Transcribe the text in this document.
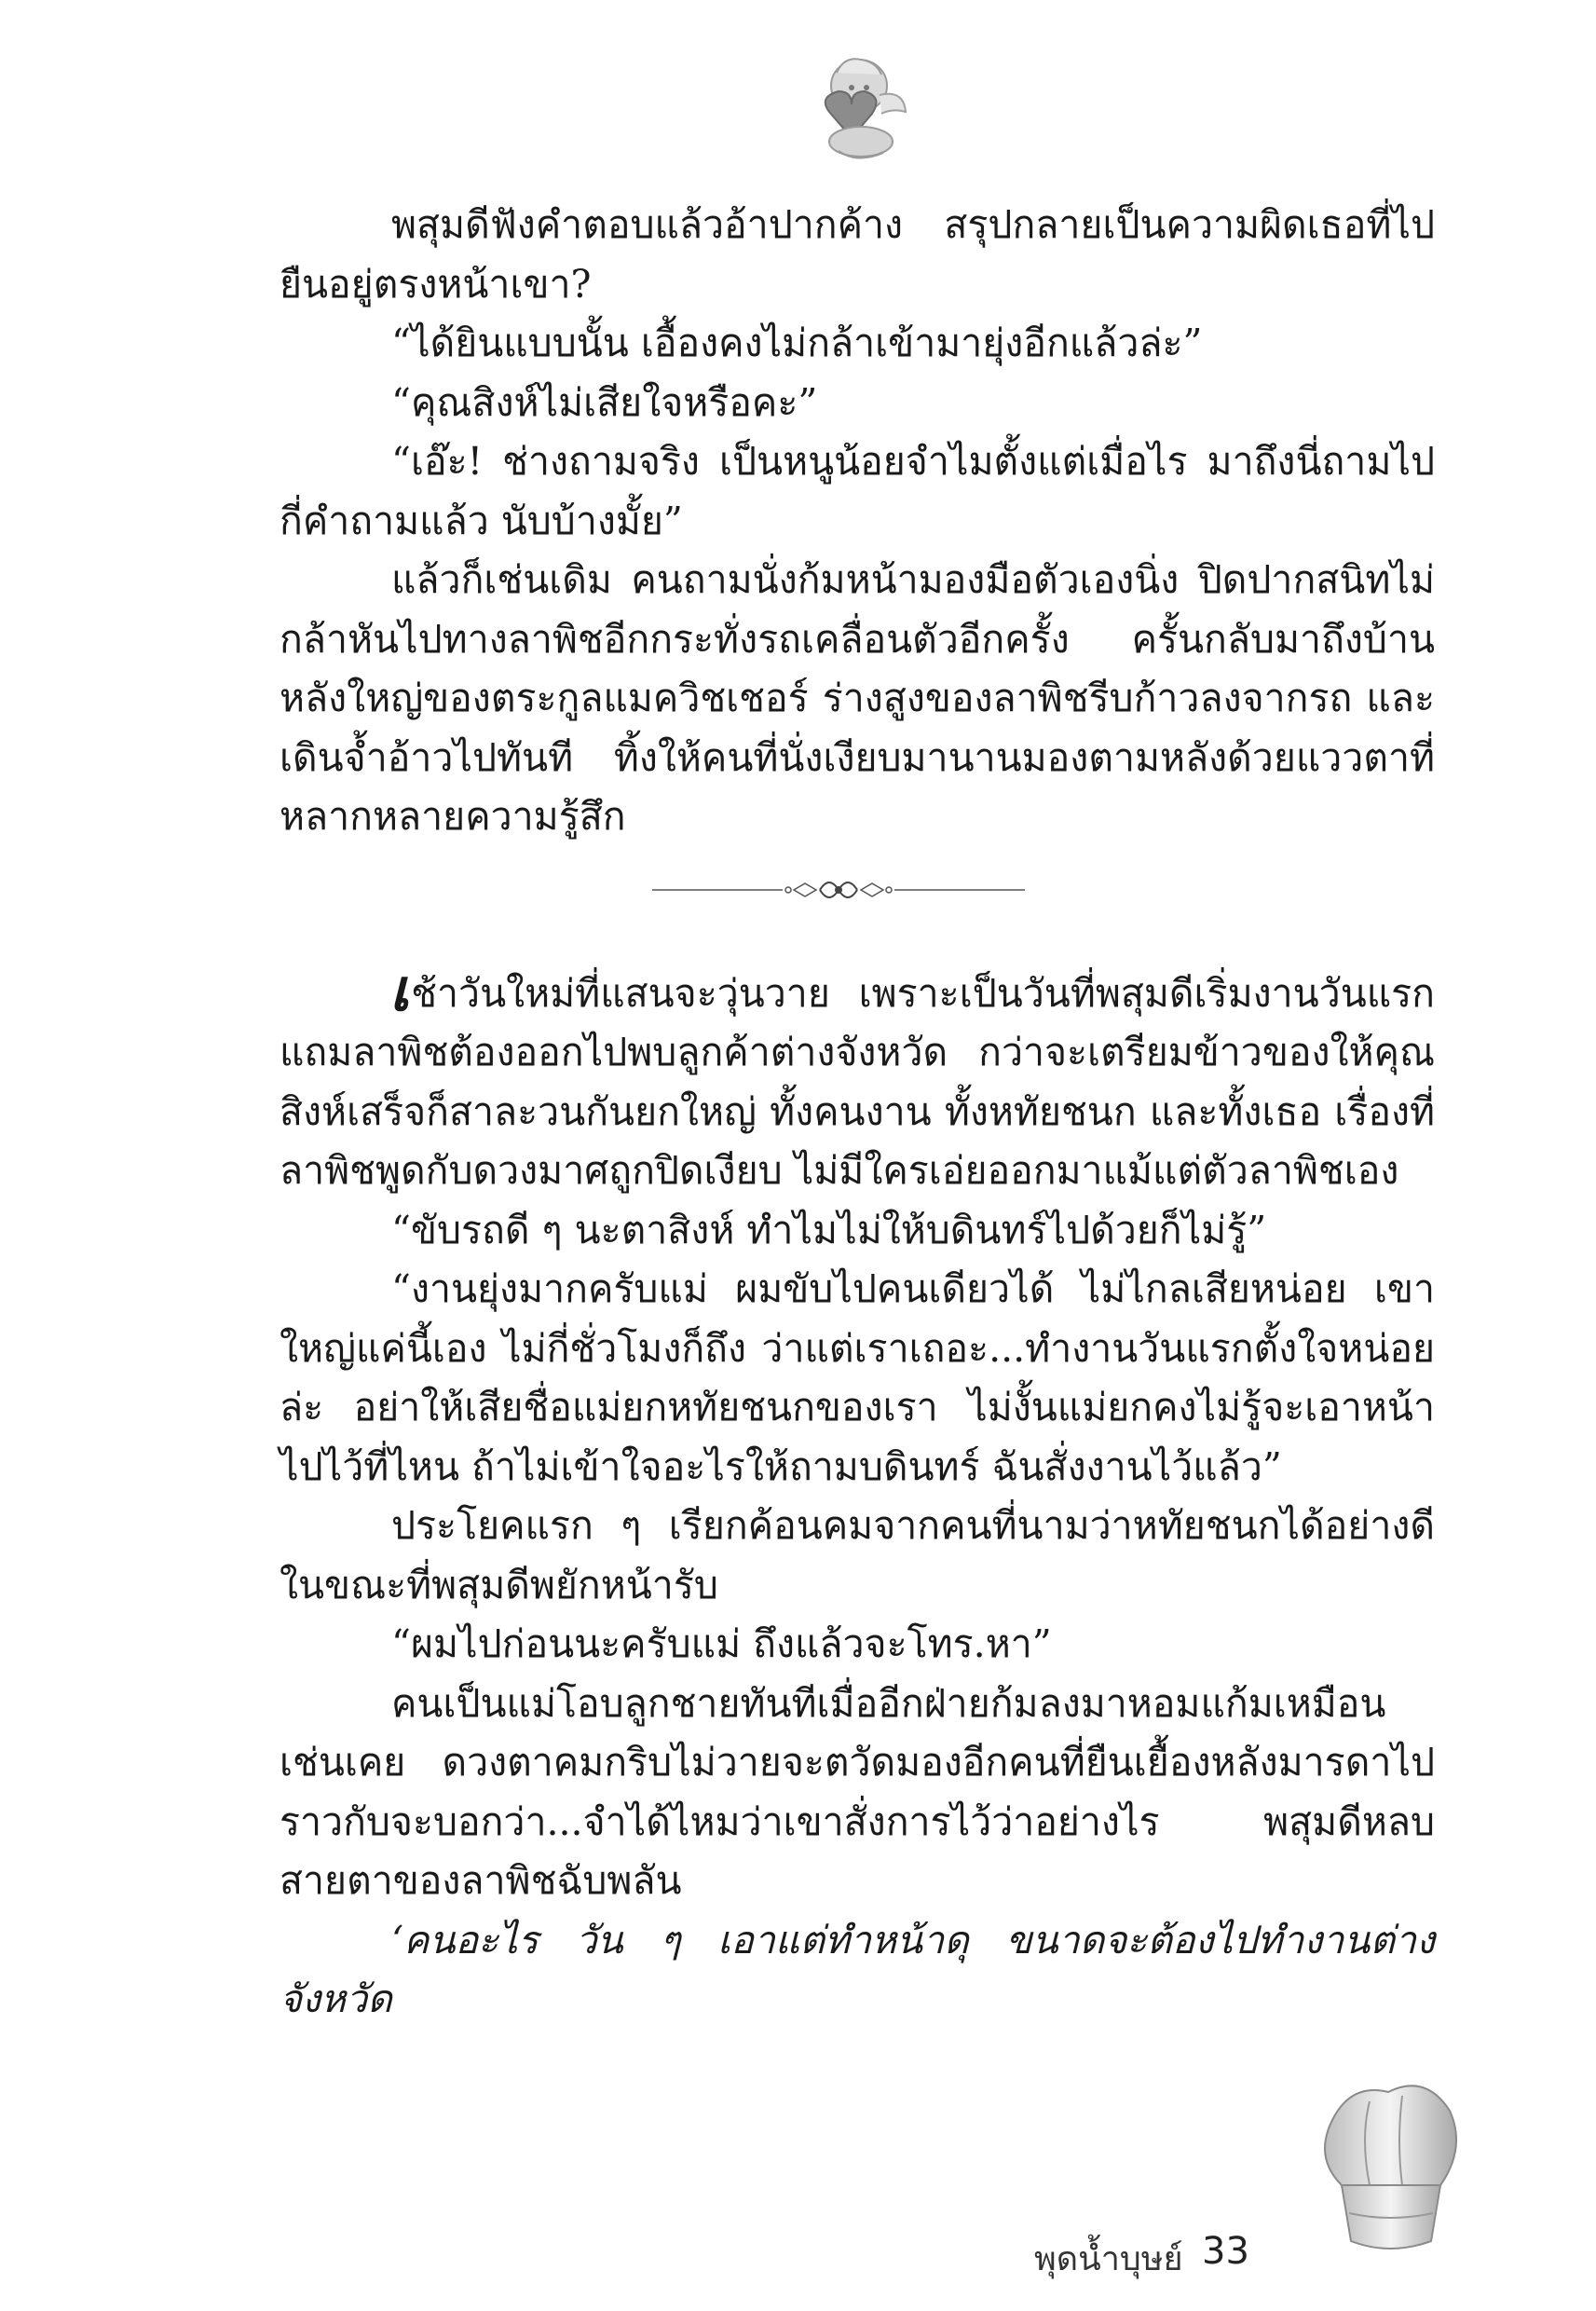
พสุมดีฟังคำตอบแล้วอ้าปากค้าง สรุปกลายเป็นความผิดเธอที่ไปยืนอยู่ตรงหน้าเขา?

“ได้ยินแบบนั้น เอื้องคงไม่กล้าเข้ามายุ่งอีกแล้วล่ะ”

“คุณสิงห์ไม่เสียใจหรือคะ”

“เอ๊ะ! ช่างถามจริง เป็นหนูน้อยจำไมตั้งแต่เมื่อไร มาถึงนี่ถามไปกี่คำถามแล้ว นับบ้างมั้ย”

แล้วก็เช่นเดิม คนถามนั่งก้มหน้ามองมือตัวเองนิ่ง ปิดปากสนิทไม่กล้าหันไปทางลาพิชอีกกระทั่งรถเคลื่อนตัวอีกครั้ง ครั้นกลับมาถึงบ้านหลังใหญ่ของตระกูลแมควิชเชอร์ ร่างสูงของลาพิชรีบก้าวลงจากรถ และเดินจ้ำอ้าวไปทันที ทิ้งให้คนที่นั่งเงียบมานานมองตามหลังด้วยแววตาที่หลากหลายความรู้สึก

เช้าวันใหม่ที่แสนจะวุ่นวาย เพราะเป็นวันที่พสุมดีเริ่มงานวันแรก แถมลาพิชต้องออกไปพบลูกค้าต่างจังหวัด กว่าจะเตรียมข้าวของให้คุณสิงห์เสร็จก็สาละวนกันยกใหญ่ ทั้งคนงาน ทั้งหทัยชนก และทั้งเธอ เรื่องที่ลาพิชพูดกับดวงมาศถูกปิดเงียบ ไม่มีใครเอ่ยออกมาแม้แต่ตัวลาพิชเอง

“ขับรถดี ๆ นะตาสิงห์ ทำไมไม่ให้บดินทร์ไปด้วยก็ไม่รู้”

“งานยุ่งมากครับแม่ ผมขับไปคนเดียวได้ ไม่ไกลเสียหน่อย เขาใหญ่แค่นี้เอง ไม่กี่ชั่วโมงก็ถึง ว่าแต่เราเถอะ...ทำงานวันแรกตั้งใจหน่อยล่ะ อย่าให้เสียชื่อแม่ยกหทัยชนกของเรา ไม่งั้นแม่ยกคงไม่รู้จะเอาหน้าไปไว้ที่ไหน ถ้าไม่เข้าใจอะไรให้ถามบดินทร์ ฉันสั่งงานไว้แล้ว”

ประโยคแรก ๆ เรียกค้อนคมจากคนที่นามว่าหทัยชนกได้อย่างดี ในขณะที่พสุมดีพยักหน้ารับ

“ผมไปก่อนนะครับแม่ ถึงแล้วจะโทร.หา”

คนเป็นแม่โอบลูกชายทันทีเมื่ออีกฝ่ายก้มลงมาหอมแก้มเหมือนเช่นเคย ดวงตาคมกริบไม่วายจะตวัดมองอีกคนที่ยืนเยื้องหลังมารดาไป ราวกับจะบอกว่า...จำได้ไหมว่าเขาสั่งการไว้ว่าอย่างไร พสุมดีหลบสายตาของลาพิชฉับพลัน

‘คนอะไร วัน ๆ เอาแต่ทำหน้าดุ ขนาดจะต้องไปทำงานต่างจังหวัด

พุดน้ำบุษย์ 33
